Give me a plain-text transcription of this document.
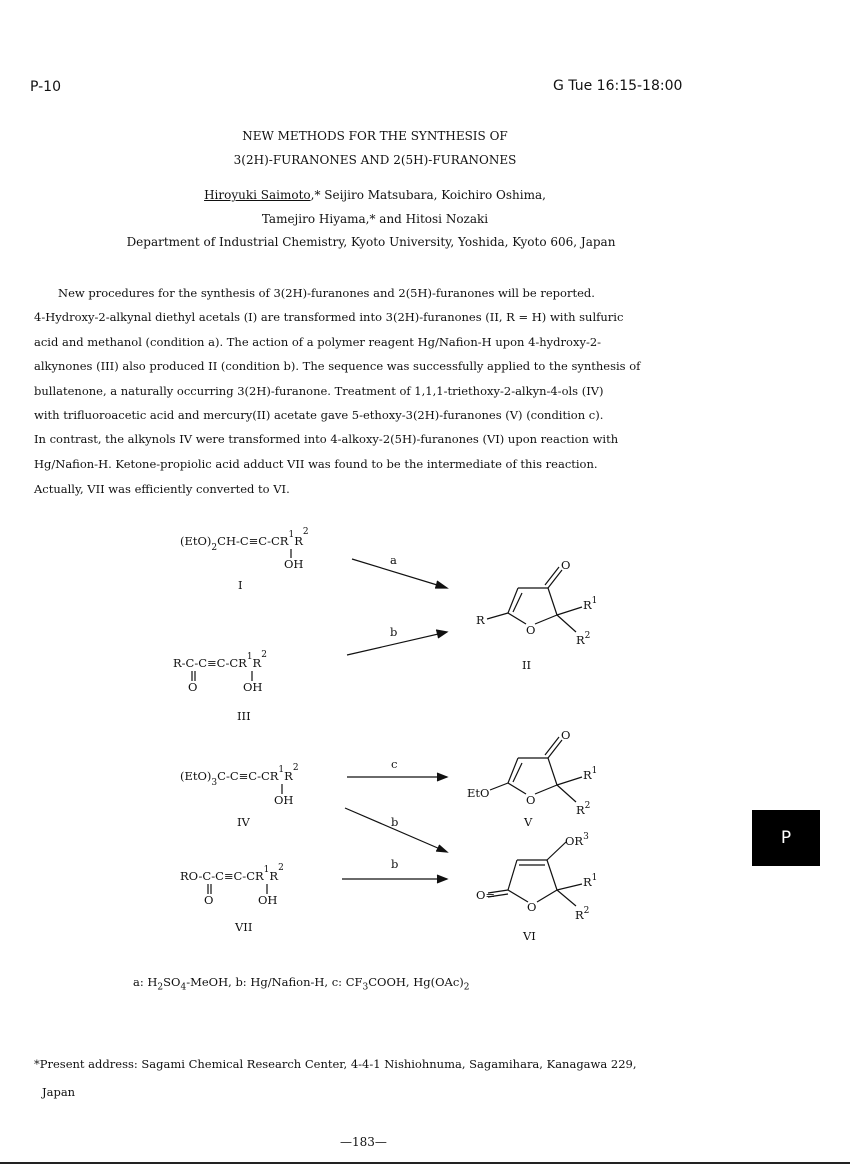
P-10	G Tue 16:15-18:00
NEW METHODS FOR THE SYNTHESIS OF
3(2H)-FURANONES AND 2(5H)-FURANONES
Hiroyuki Saimoto,* Seijiro Matsubara, Koichiro Oshima,
Tamejiro Hiyama,* and Hitosi Nozaki
Department of Industrial Chemistry, Kyoto University, Yoshida, Kyoto 606, Japan
New procedures for the synthesis of 3(2H)-furanones and 2(5H)-furanones will be reported.
4-Hydroxy-2-alkynal diethyl acetals (I) are transformed into 3(2H)-furanones (II, R = H) with sulfuric
acid and methanol (condition a). The action of a polymer reagent Hg/Nafion-H upon 4-hydroxy-2-
alkynones (III) also produced II (condition b). The sequence was successfully applied to the synthesis of
bullatenone, a naturally occurring 3(2H)-furanone. Treatment of 1,1,1-triethoxy-2-alkyn-4-ols (IV)
with trifluoroacetic acid and mercury(II) acetate gave 5-ethoxy-3(2H)-furanones (V) (condition c).
In contrast, the alkynols IV were transformed into 4-alkoxy-2(5H)-furanones (VI) upon reaction with
Hg/Nafion-H. Ketone-propiolic acid adduct VII was found to be the intermediate of this reaction.
Actually, VII was efficiently converted to VI.
$(EtO)_2CH-C\equiv C-CR^1R^2$
OH
I
$R-C-C\equiv C-CR^1R^2$
O	OH
III
$(EtO)_3C-C\equiv C-CR^1R^2$
OH
IV
$RO-C-C\equiv C-CR^1R^2$
O	OH
VII
a
b
c
b
b
O
R
O
$R^1$
$R^2$
II
O
EtO	O
$R^1$
$R^2$
V
$OR^3$
O=
O
$R^1$
$R^2$
VI
a: $H_2SO_4$-MeOH, b: Hg/Nafion-H, c: $CF_3COOH$, $Hg(OAc)_2$
*Present address: Sagami Chemical Research Center, 4-4-1 Nishiohnuma, Sagamihara, Kanagawa 229,
Japan
—183—
P
